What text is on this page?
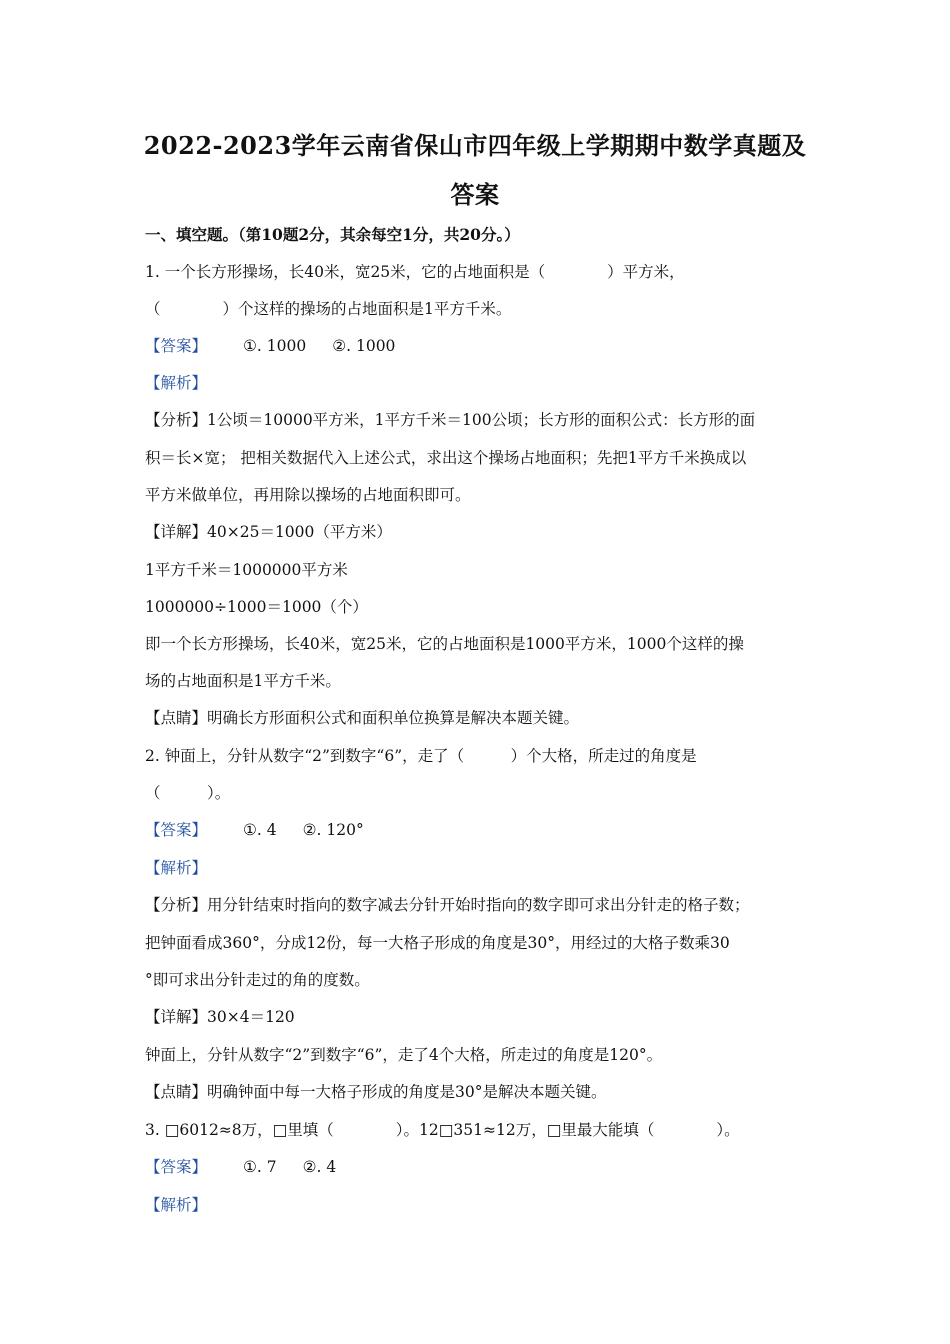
2022-2023学年云南省保山市四年级上学期期中数学真题及
答案
一、填空题。（第10题2分，其余每空1分，共20分。）
1. 一个长方形操场，长40米，宽25米，它的占地面积是（　　　　）平方米，
（　　　　）个这样的操场的占地面积是1平方千米。
【答案】 ①. 1000 ②. 1000
【解析】
【分析】1公顷＝10000平方米，1平方千米＝100公顷；长方形的面积公式：长方形的面
积＝长×宽； 把相关数据代入上述公式，求出这个操场占地面积；先把1平方千米换成以
平方米做单位，再用除以操场的占地面积即可。
【详解】40×25＝1000（平方米）
1平方千米＝1000000平方米
1000000÷1000＝1000（个）
即一个长方形操场，长40米，宽25米，它的占地面积是1000平方米，1000个这样的操
场的占地面积是1平方千米。
【点睛】明确长方形面积公式和面积单位换算是解决本题关键。
2. 钟面上，分针从数字“2”到数字“6”，走了（　　　）个大格，所走过的角度是
（　　　）。
【答案】 ①. 4 ②. 120°
【解析】
【分析】用分针结束时指向的数字减去分针开始时指向的数字即可求出分针走的格子数；
把钟面看成360°，分成12份，每一大格子形成的角度是30°，用经过的大格子数乘30
°即可求出分针走过的角的度数。
【详解】30×4＝120
钟面上，分针从数字“2”到数字“6”，走了4个大格，所走过的角度是120°。
【点睛】明确钟面中每一大格子形成的角度是30°是解决本题关键。
3. □6012≈8万，□里填（　　　　）。12□351≈12万，□里最大能填（　　　　）。
【答案】 ①. 7 ②. 4
【解析】
